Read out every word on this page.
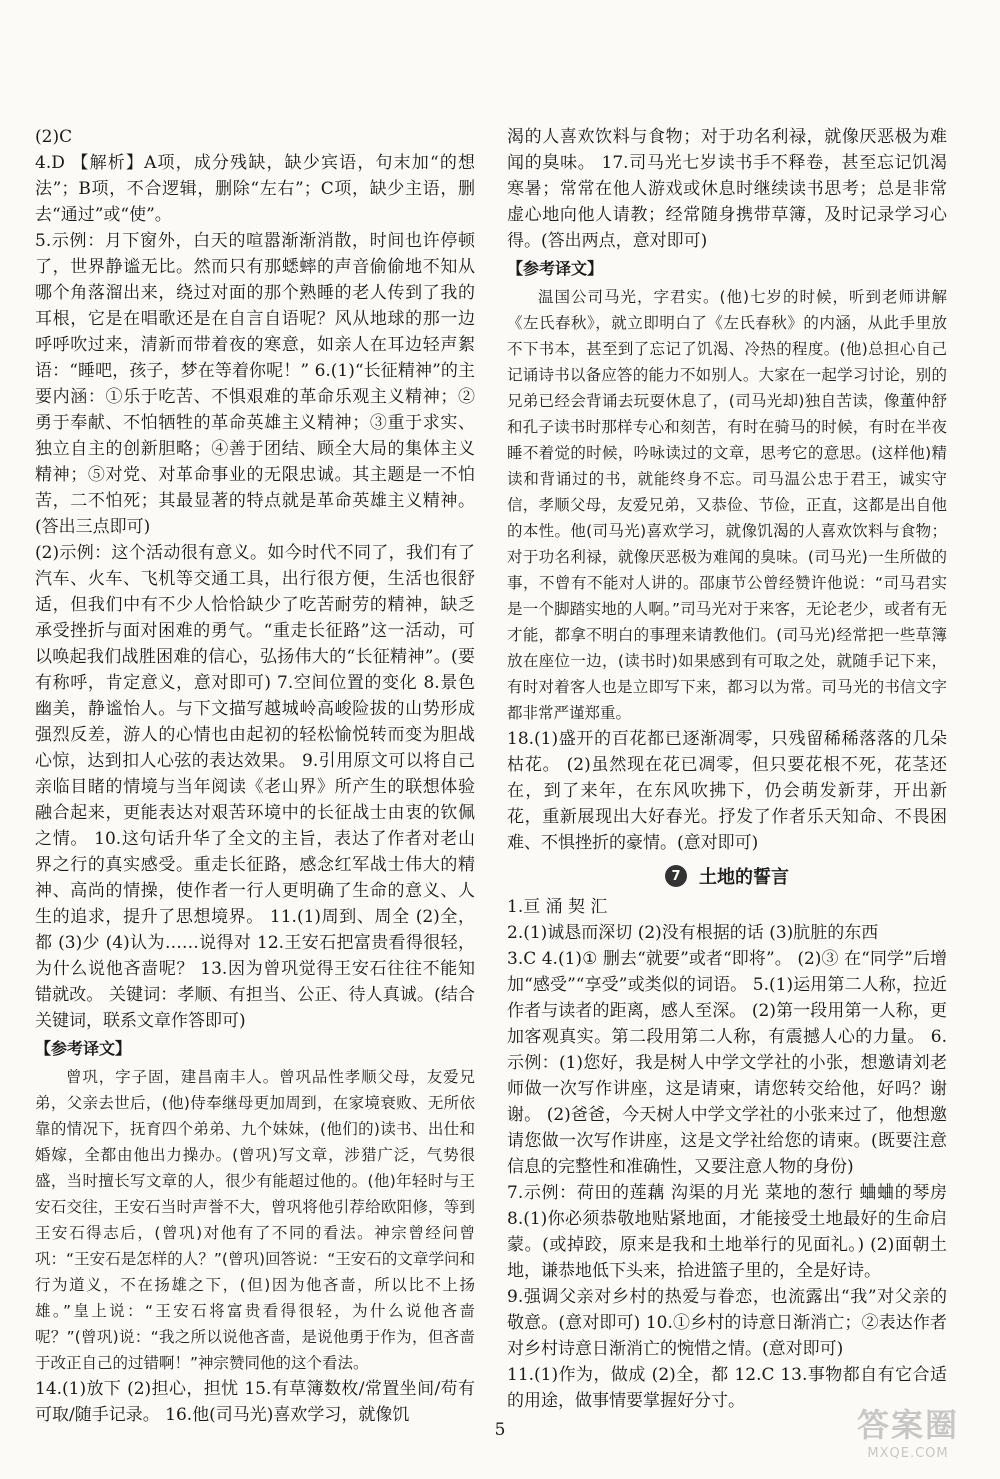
(2)C

4.D 【解析】A项，成分残缺，缺少宾语，句末加“的想法”；B项，不合逻辑，删除“左右”；C项，缺少主语，删去“通过”或“使”。

5.示例：月下窗外，白天的喧嚣渐渐消散，时间也许停顿了，世界静谧无比。然而只有那蟋蟀的声音偷偷地不知从哪个角落溜出来，绕过对面的那个熟睡的老人传到了我的耳根，它是在唱歌还是在自言自语呢？风从地球的那一边呼呼吹过来，清新而带着夜的寒意，如亲人在耳边轻声絮语：“睡吧，孩子，梦在等着你呢！” 6.(1)“长征精神”的主要内涵：①乐于吃苦、不惧艰难的革命乐观主义精神；②勇于奉献、不怕牺牲的革命英雄主义精神；③重于求实、独立自主的创新胆略；④善于团结、顾全大局的集体主义精神；⑤对党、对革命事业的无限忠诚。其主题是一不怕苦，二不怕死；其最显著的特点就是革命英雄主义精神。(答出三点即可)

(2)示例：这个活动很有意义。如今时代不同了，我们有了汽车、火车、飞机等交通工具，出行很方便，生活也很舒适，但我们中有不少人恰恰缺少了吃苦耐劳的精神，缺乏承受挫折与面对困难的勇气。“重走长征路”这一活动，可以唤起我们战胜困难的信心，弘扬伟大的“长征精神”。(要有称呼，肯定意义，意对即可) 7.空间位置的变化 8.景色幽美，静谧怡人。与下文描写越城岭高峻险拔的山势形成强烈反差，游人的心情也由起初的轻松愉悦转而变为胆战心惊，达到扣人心弦的表达效果。 9.引用原文可以将自己亲临目睹的情境与当年阅读《老山界》所产生的联想体验融合起来，更能表达对艰苦环境中的长征战士由衷的钦佩之情。 10.这句话升华了全文的主旨，表达了作者对老山界之行的真实感受。重走长征路，感念红军战士伟大的精神、高尚的情操，使作者一行人更明确了生命的意义、人生的追求，提升了思想境界。 11.(1)周到、周全 (2)全，都 (3)少 (4)认为……说得对 12.王安石把富贵看得很轻，为什么说他吝啬呢？ 13.因为曾巩觉得王安石往往不能知错就改。 关键词：孝顺、有担当、公正、待人真诚。(结合关键词，联系文章作答即可)

【参考译文】

曾巩，字子固，建昌南丰人。曾巩品性孝顺父母，友爱兄弟，父亲去世后，(他)侍奉继母更加周到，在家境衰败、无所依靠的情况下，抚育四个弟弟、九个妹妹，(他们的)读书、出仕和婚嫁，全都由他出力操办。(曾巩)写文章，涉猎广泛，气势很盛，当时擅长写文章的人，很少有能超过他的。(他)年轻时与王安石交往，王安石当时声誉不大，曾巩将他引荐给欧阳修，等到王安石得志后，(曾巩)对他有了不同的看法。神宗曾经问曾巩：“王安石是怎样的人？”(曾巩)回答说：“王安石的文章学问和行为道义，不在扬雄之下，(但)因为他吝啬，所以比不上扬雄。”皇上说：“王安石将富贵看得很轻，为什么说他吝啬呢？”(曾巩)说：“我之所以说他吝啬，是说他勇于作为，但吝啬于改正自己的过错啊！”神宗赞同他的这个看法。

14.(1)放下 (2)担心，担忧 15.有草簿数枚/常置坐间/苟有可取/随手记录。 16.他(司马光)喜欢学习，就像饥

渴的人喜欢饮料与食物；对于功名利禄，就像厌恶极为难闻的臭味。 17.司马光七岁读书手不释卷，甚至忘记饥渴寒暑；常常在他人游戏或休息时继续读书思考；总是非常虚心地向他人请教；经常随身携带草簿，及时记录学习心得。(答出两点，意对即可)

【参考译文】

温国公司马光，字君实。(他)七岁的时候，听到老师讲解《左氏春秋》，就立即明白了《左氏春秋》的内涵，从此手里放不下书本，甚至到了忘记了饥渴、冷热的程度。(他)总担心自己记诵诗书以备应答的能力不如别人。大家在一起学习讨论，别的兄弟已经会背诵去玩耍休息了，(司马光却)独自苦读，像董仲舒和孔子读书时那样专心和刻苦，有时在骑马的时候，有时在半夜睡不着觉的时候，吟咏读过的文章，思考它的意思。(这样他)精读和背诵过的书，就能终身不忘。司马温公忠于君王，诚实守信，孝顺父母，友爱兄弟，又恭俭、节俭，正直，这都是出自他的本性。他(司马光)喜欢学习，就像饥渴的人喜欢饮料与食物；对于功名利禄，就像厌恶极为难闻的臭味。(司马光)一生所做的事，不曾有不能对人讲的。邵康节公曾经赞许他说：“司马君实是一个脚踏实地的人啊。”司马光对于来客，无论老少，或者有无才能，都拿不明白的事理来请教他们。(司马光)经常把一些草簿放在座位一边，(读书时)如果感到有可取之处，就随手记下来，有时对着客人也是立即写下来，都习以为常。司马光的书信文字都非常严谨郑重。

18.(1)盛开的百花都已逐渐凋零，只残留稀稀落落的几朵枯花。 (2)虽然现在花已凋零，但只要花根不死，花茎还在，到了来年，在东风吹拂下，仍会萌发新芽，开出新花，重新展现出大好春光。抒发了作者乐天知命、不畏困难、不惧挫折的豪情。(意对即可)

7	土地的誓言

1.亘 涌 契 汇

2.(1)诚恳而深切 (2)没有根据的话 (3)肮脏的东西

3.C 4.(1)① 删去“就要”或者“即将”。 (2)③ 在“同学”后增加“感受”“享受”或类似的词语。 5.(1)运用第二人称，拉近作者与读者的距离，感人至深。 (2)第一段用第一人称，更加客观真实。第二段用第二人称，有震撼人心的力量。 6.示例：(1)您好，我是树人中学文学社的小张，想邀请刘老师做一次写作讲座，这是请柬，请您转交给他，好吗？谢谢。 (2)爸爸，今天树人中学文学社的小张来过了，他想邀请您做一次写作讲座，这是文学社给您的请柬。(既要注意信息的完整性和准确性，又要注意人物的身份)

7.示例：荷田的莲藕 沟渠的月光 菜地的葱行 蛐蛐的琴房 8.(1)你必须恭敬地贴紧地面，才能接受土地最好的生命启蒙。(或掉跤，原来是我和土地举行的见面礼。) (2)面朝土地，谦恭地低下头来，拾进篮子里的，全是好诗。

9.强调父亲对乡村的热爱与眷恋，也流露出“我”对父亲的敬意。(意对即可) 10.①乡村的诗意日渐消亡；②表达作者对乡村诗意日渐消亡的惋惜之情。(意对即可)

11.(1)作为，做成 (2)全，都 12.C 13.事物都自有它合适的用途，做事情要掌握好分寸。

5	答案圈
MXQE.COM
